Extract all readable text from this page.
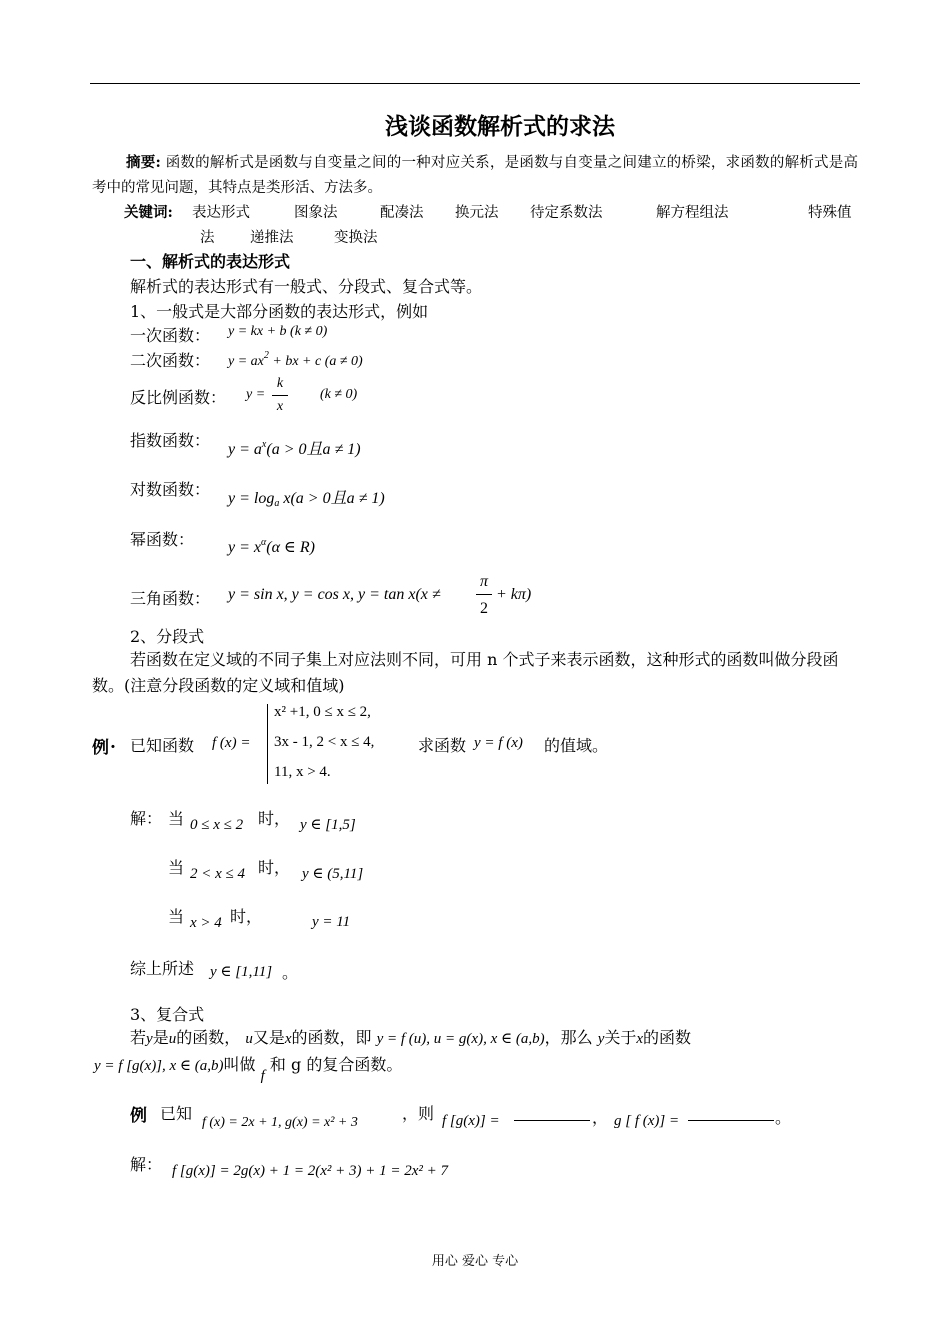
浅谈函数解析式的求法
摘要: 函数的解析式是函数与自变量之间的一种对应关系，是函数与自变量之间建立的桥梁，求函数的解析式是高考中的常见问题，其特点是类形活、方法多。
关键词: 表达形式	图象法	配凑法 换元法 待定系数法	解方程组法	特殊值
法 递推法	变换法
一、解析式的表达形式
解析式的表达形式有一般式、分段式、复合式等。
1、一般式是大部分函数的表达形式，例如
一次函数： y = kx + b (k ≠ 0)
二次函数： $y = ax^2$ + bx + c (a ≠ 0)
反比例函数： y =
k
x
(k ≠ 0)
指数函数： $y = a^x(a > 0$且a ≠ 1)
对数函数： $y = \log_a x(a > 0$且a ≠ 1)
幂函数： $y = x^\alpha(\alpha$ ∈ R)
三角函数： y = sin x, y = cos x, y = tan x(x ≠
π
2
+ kπ)
2、分段式
若函数在定义域的不同子集上对应法则不同，可用 n 个式子来表示函数，这种形式的函数叫做分段函数。(注意分段函数的定义域和值域)
例 . 已知函数 f (x) =
x² +1, 0 ≤ x ≤ 2,
3x - 1, 2 < x ≤ 4,
11, x > 4.
求函数 y = f (x) 的值域。
解： 当 0 ≤ x ≤ 2 时， y ∈ [1,5]
当 2 < x ≤ 4 时， y ∈ (5,11]
当 x > 4 时，	y = 11
综上所述 y ∈ [1,11] 。
3、复合式
若y是u的函数， u又是x的函数，即 y = f (u), u = g(x), x ∈ (a,b)，那么 y关于x的函数
y = f [g(x)], x ∈ (a,b)叫做 f 和 g 的复合函数。
例 已知 f (x) = 2x + 1, g(x) = x² + 3	，则 f [g(x)] =	， g [ f (x)] =	。
解： f [g(x)] = 2g(x) + 1 = 2(x² + 3) + 1 = 2x² + 7
用心 爱心 专心
